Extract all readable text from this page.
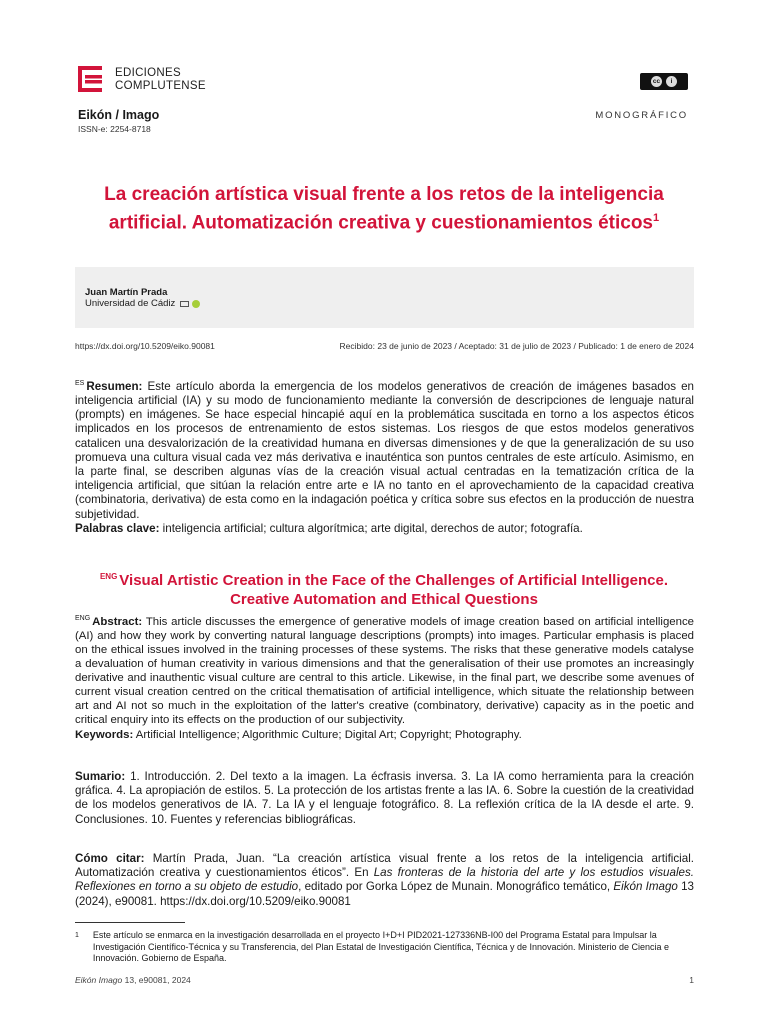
EDICIONES
COMPLUTENSE	cc	i
Eikón / Imago
ISSN-e: 2254-8718
MONOGRÁFICO
La creación artística visual frente a los retos de la inteligencia artificial. Automatización creativa y cuestionamientos éticos$^1$
Juan Martín Prada
Universidad de Cádiz
https://dx.doi.org/10.5209/eiko.90081	Recibido: 23 de junio de 2023 / Aceptado: 31 de julio de 2023 / Publicado: 1 de enero de 2024

$^{ES}$ Resumen: Este artículo aborda la emergencia de los modelos generativos de creación de imágenes basados en inteligencia artificial (IA) y su modo de funcionamiento mediante la conversión de descripciones de lenguaje natural (prompts) en imágenes. Se hace especial hincapié aquí en la problemática suscitada en torno a los aspectos éticos implicados en los procesos de entrenamiento de estos sistemas. Los riesgos de que estos modelos generativos catalicen una desvalorización de la creatividad humana en diversas dimensiones y de que la generalización de su uso promueva una cultura visual cada vez más derivativa e inauténtica son puntos centrales de este artículo. Asimismo, en la parte final, se describen algunas vías de la creación visual actual centradas en la tematización crítica de la inteligencia artificial, que sitúan la relación entre arte e IA no tanto en el aprovechamiento de la capacidad creativa (combinatoria, derivativa) de esta como en la indagación poética y crítica sobre sus efectos en la producción de nuestra subjetividad.
Palabras clave: inteligencia artificial; cultura algorítmica; arte digital, derechos de autor; fotografía.

$^{ENG}$ Visual Artistic Creation in the Face of the Challenges of Artificial Intelligence. Creative Automation and Ethical Questions

$^{ENG}$ Abstract: This article discusses the emergence of generative models of image creation based on artificial intelligence (AI) and how they work by converting natural language descriptions (prompts) into images. Particular emphasis is placed on the ethical issues involved in the training processes of these systems. The risks that these generative models catalyse a devaluation of human creativity in various dimensions and that the generalisation of their use promotes an increasingly derivative and inauthentic visual culture are central to this article. Likewise, in the final part, we describe some avenues of current visual creation centred on the critical thematisation of artificial intelligence, which situate the relationship between art and AI not so much in the exploitation of the latter's creative (combinatory, derivative) capacity as in the poetic and critical enquiry into its effects on the production of our subjectivity.
Keywords: Artificial Intelligence; Algorithmic Culture; Digital Art; Copyright; Photography.

Sumario: 1. Introducción. 2. Del texto a la imagen. La écfrasis inversa. 3. La IA como herramienta para la creación gráfica. 4. La apropiación de estilos. 5. La protección de los artistas frente a las IA. 6. Sobre la cuestión de la creatividad de los modelos generativos de IA. 7. La IA y el lenguaje fotográfico. 8. La reflexión crítica de la IA desde el arte. 9. Conclusiones. 10. Fuentes y referencias bibliográficas.

Cómo citar: Martín Prada, Juan. “La creación artística visual frente a los retos de la inteligencia artificial. Automatización creativa y cuestionamientos éticos”. En Las fronteras de la historia del arte y los estudios visuales. Reflexiones en torno a su objeto de estudio, editado por Gorka López de Munain. Monográfico temático, Eikón Imago 13 (2024), e90081. https://dx.doi.org/10.5209/eiko.90081

1 Este artículo se enmarca en la investigación desarrollada en el proyecto I+D+I PID2021-127336NB-I00 del Programa Estatal para Impulsar la Investigación Científico-Técnica y su Transferencia, del Plan Estatal de Investigación Científica, Técnica y de Innovación. Ministerio de Ciencia e Innovación. Gobierno de España.
Eikón Imago 13, e90081, 2024	1
